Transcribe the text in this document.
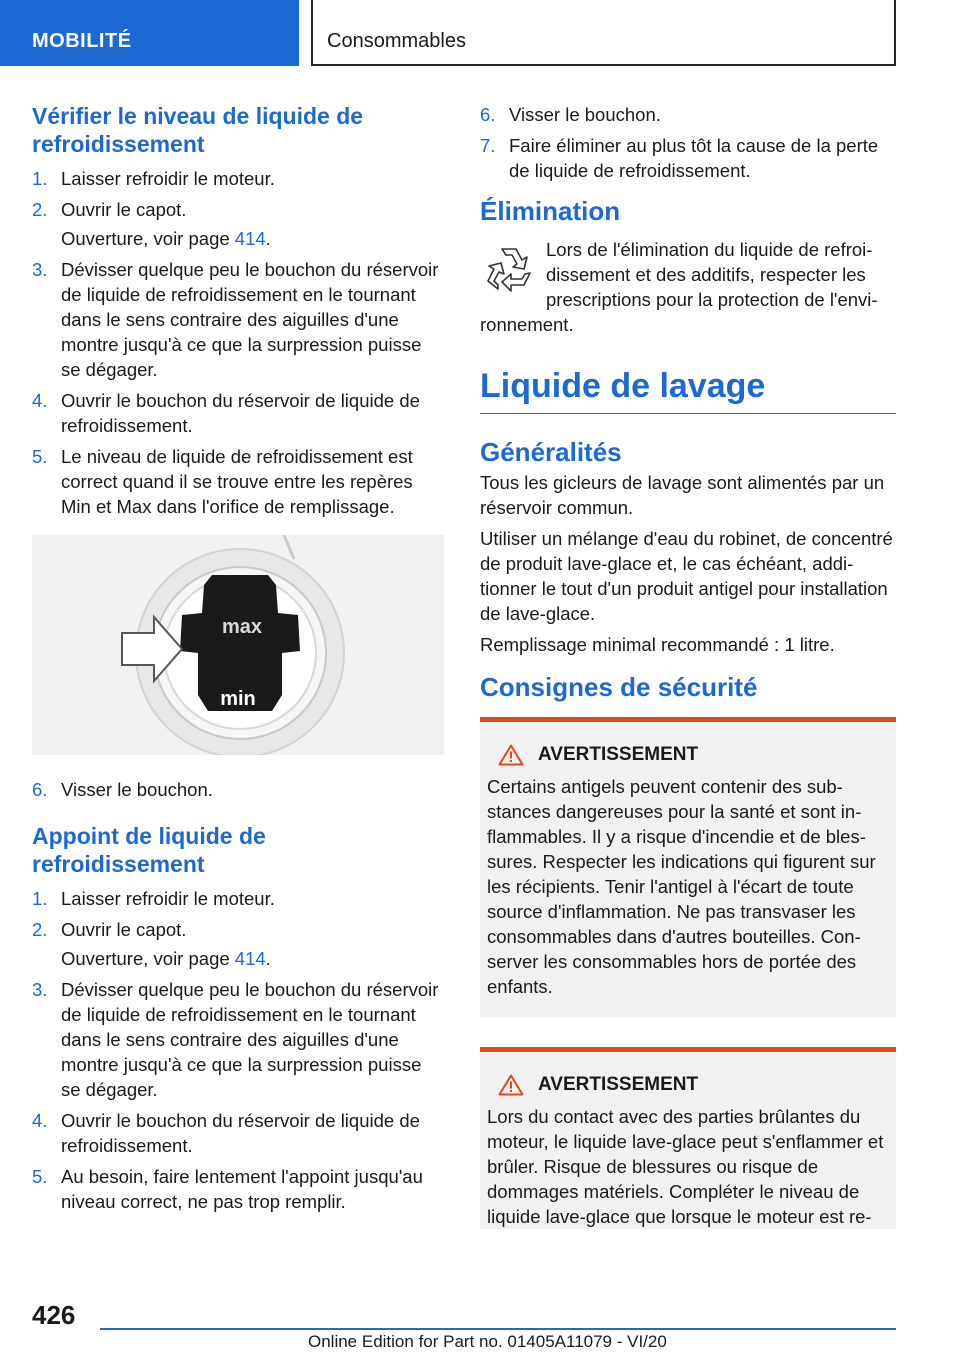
MOBILITÉ	Consommables
Vérifier le niveau de liquide de refroidissement
1. Laisser refroidir le moteur.
2. Ouvrir le capot.
Ouverture, voir page 414.
3. Dévisser quelque peu le bouchon du réservoir de liquide de refroidissement en le tournant dans le sens contraire des aiguilles d'une montre jusqu'à ce que la surpression puisse se dégager.
4. Ouvrir le bouchon du réservoir de liquide de refroidissement.
5. Le niveau de liquide de refroidissement est correct quand il se trouve entre les repères Min et Max dans l'orifice de remplissage.
max
min
6. Visser le bouchon.
Appoint de liquide de refroidissement
1. Laisser refroidir le moteur.
2. Ouvrir le capot.
Ouverture, voir page 414.
3. Dévisser quelque peu le bouchon du réservoir de liquide de refroidissement en le tournant dans le sens contraire des aiguilles d'une montre jusqu'à ce que la surpression puisse se dégager.
4. Ouvrir le bouchon du réservoir de liquide de refroidissement.
5. Au besoin, faire lentement l'appoint jusqu'au niveau correct, ne pas trop remplir.
6. Visser le bouchon.
7. Faire éliminer au plus tôt la cause de la perte de liquide de refroidissement.
Élimination
Lors de l'élimination du liquide de refroidissement et des additifs, respecter les prescriptions pour la protection de l'environnement.
Liquide de lavage
Généralités

Tous les gicleurs de lavage sont alimentés par un réservoir commun.

Utiliser un mélange d'eau du robinet, de concentré de produit lave-glace et, le cas échéant, additionner le tout d'un produit antigel pour installation de lave-glace.

Remplissage minimal recommandé : 1 litre.

Consignes de sécurité
AVERTISSEMENT
Certains antigels peuvent contenir des substances dangereuses pour la santé et sont inflammables. Il y a risque d'incendie et de blessures. Respecter les indications qui figurent sur les récipients. Tenir l'antigel à l'écart de toute source d'inflammation. Ne pas transvaser les consommables dans d'autres bouteilles. Conserver les consommables hors de portée des enfants.
AVERTISSEMENT
Lors du contact avec des parties brûlantes du moteur, le liquide lave-glace peut s'enflammer et brûler. Risque de blessures ou risque de dommages matériels. Compléter le niveau de liquide lave-glace que lorsque le moteur est re-
426
Online Edition for Part no. 01405A11079 - VI/20
